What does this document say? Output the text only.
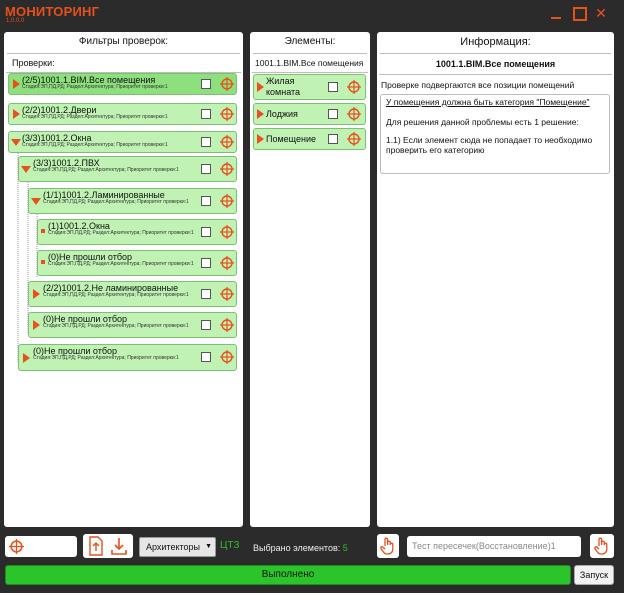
МОНИТОРИНГ
1.0.0.0	✕
Фильтры проверок:
Проверки:
(2/5)1001.1.BIM.Все помещения
Стадия:ЭП,ПД,РД; Раздел:Архитектура; Приоритет проверки:1
(2/2)1001.2.Двери
Стадия:ЭП,ПД,РД; Раздел:Архитектура; Приоритет проверки:1
(3/3)1001.2.Окна
Стадия:ЭП,ПД,РД; Раздел:Архитектура; Приоритет проверки:1
(3/3)1001.2.ПВХ
Стадия:ЭП,ПД,РД; Раздел:Архитектура; Приоритет проверки:1
(1/1)1001.2.Ламинированные
Стадия:ЭП,ПД,РД; Раздел:Архитектура; Приоритет проверки:1
(1)1001.2.Окна
Стадия:ЭП,ПД,РД; Раздел:Архитектура; Приоритет проверки:1
(0)Не прошли отбор
Стадия:ЭП,ПД,РД; Раздел:Архитектура; Приоритет проверки:1
(2/2)1001.2.Не ламинированные
Стадия:ЭП,ПД,РД; Раздел:Архитектура; Приоритет проверки:1
(0)Не прошли отбор
Стадия:ЭП,ПД,РД; Раздел:Архитектура; Приоритет проверки:1
(0)Не прошли отбор
Стадия:ЭП,ПД,РД; Раздел:Архитектура; Приоритет проверки:1
Элементы:
1001.1.BIM.Все помещения
Жилая комната
Лоджия
Помещение
Информация:
1001.1.BIM.Все помещения
Проверке подвергаются все позиции помещений
У помещения должна быть категория "Помещение"

Для решения данной проблемы есть 1 решение:

1.1) Если элемент сюда не попадает то необходимо проверить его категорию

Архитекторы ▼ ЦТЗ Выбрано элементов: 5	Тест пересечек(Восстановление)1
Выполнено	Запуск
